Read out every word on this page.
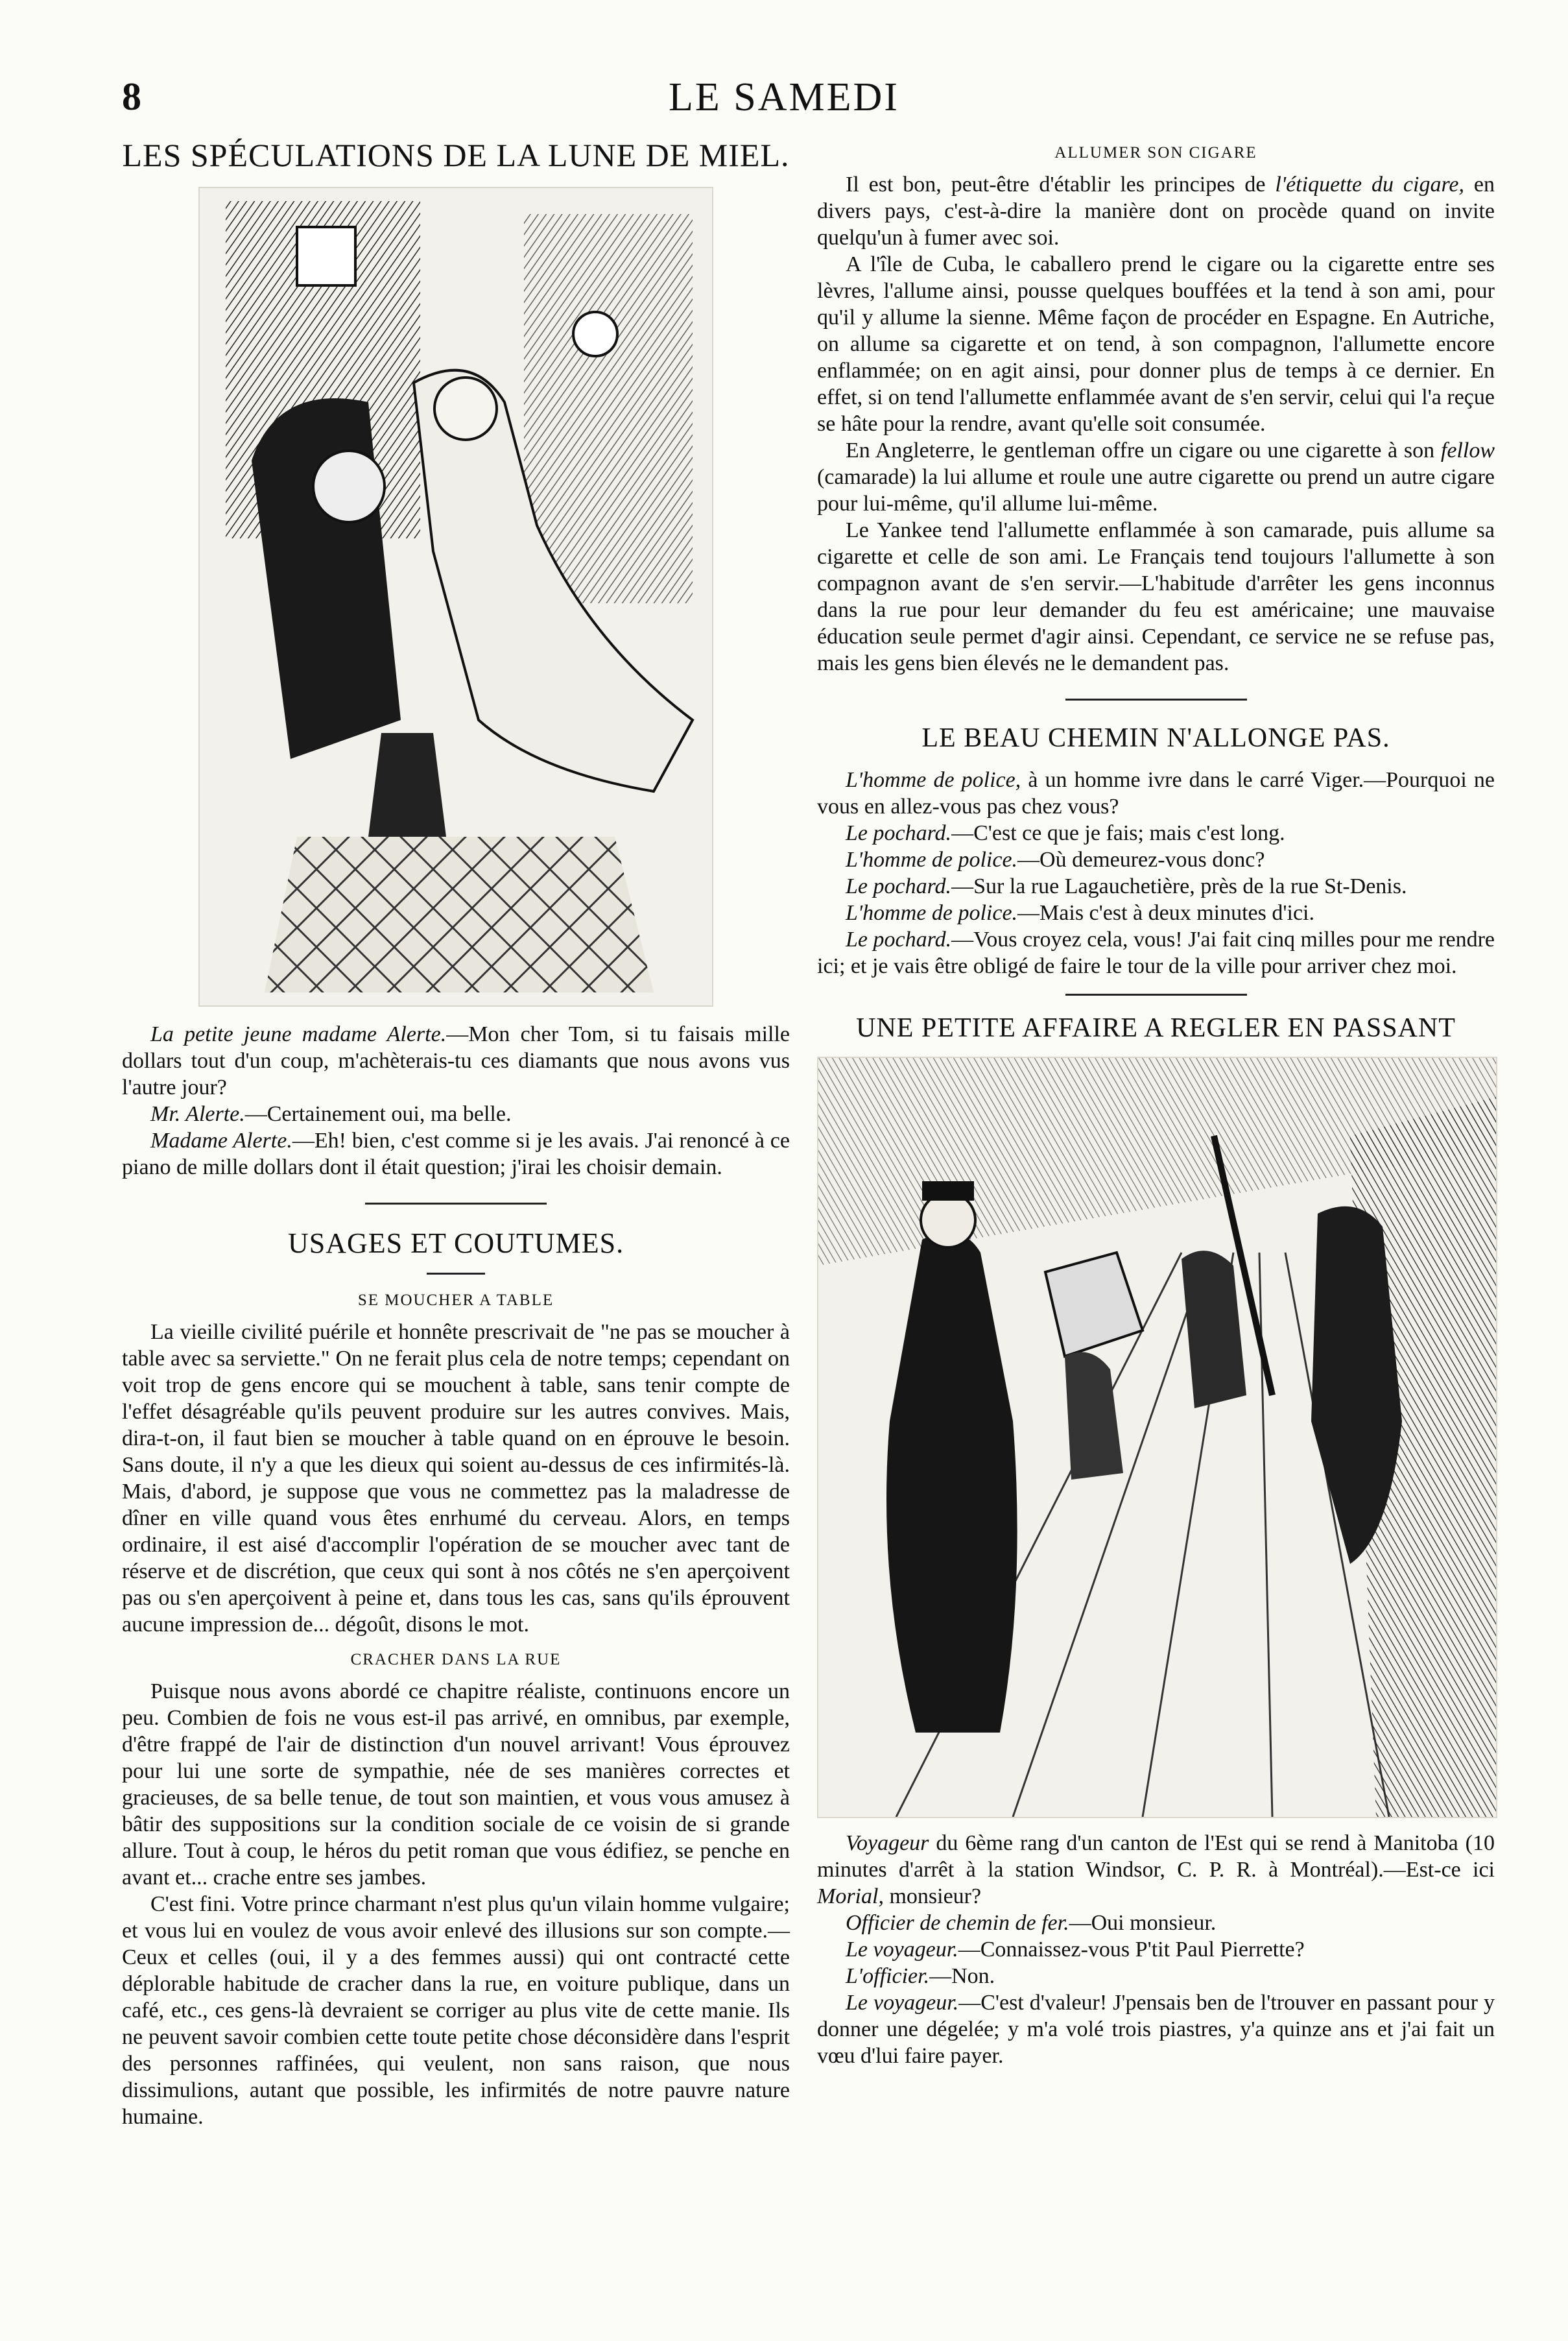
8	LE SAMEDI
LES SPÉCULATIONS DE LA LUNE DE MIEL.

La petite jeune madame Alerte.—Mon cher Tom, si tu faisais mille dollars tout d'un coup, m'achèterais-tu ces diamants que nous avons vus l'autre jour?

Mr. Alerte.—Certainement oui, ma belle.

Madame Alerte.—Eh! bien, c'est comme si je les avais. J'ai renoncé à ce piano de mille dollars dont il était question; j'irai les choisir demain.

USAGES ET COUTUMES.
SE MOUCHER A TABLE

La vieille civilité puérile et honnête prescrivait de "ne pas se moucher à table avec sa serviette." On ne ferait plus cela de notre temps; cependant on voit trop de gens encore qui se mouchent à table, sans tenir compte de l'effet désagréable qu'ils peuvent produire sur les autres convives. Mais, dira-t-on, il faut bien se moucher à table quand on en éprouve le besoin. Sans doute, il n'y a que les dieux qui soient au-dessus de ces infirmités-là. Mais, d'abord, je suppose que vous ne commettez pas la maladresse de dîner en ville quand vous êtes enrhumé du cerveau. Alors, en temps ordinaire, il est aisé d'accomplir l'opération de se moucher avec tant de réserve et de discrétion, que ceux qui sont à nos côtés ne s'en aperçoivent pas ou s'en aperçoivent à peine et, dans tous les cas, sans qu'ils éprouvent aucune impression de... dégoût, disons le mot.

CRACHER DANS LA RUE

Puisque nous avons abordé ce chapitre réaliste, continuons encore un peu. Combien de fois ne vous est-il pas arrivé, en omnibus, par exemple, d'être frappé de l'air de distinction d'un nouvel arrivant! Vous éprouvez pour lui une sorte de sympathie, née de ses manières correctes et gracieuses, de sa belle tenue, de tout son maintien, et vous vous amusez à bâtir des suppositions sur la condition sociale de ce voisin de si grande allure. Tout à coup, le héros du petit roman que vous édifiez, se penche en avant et... crache entre ses jambes.

C'est fini. Votre prince charmant n'est plus qu'un vilain homme vulgaire; et vous lui en voulez de vous avoir enlevé des illusions sur son compte.—Ceux et celles (oui, il y a des femmes aussi) qui ont contracté cette déplorable habitude de cracher dans la rue, en voiture publique, dans un café, etc., ces gens-là devraient se corriger au plus vite de cette manie. Ils ne peuvent savoir combien cette toute petite chose déconsidère dans l'esprit des personnes raffinées, qui veulent, non sans raison, que nous dissimulions, autant que possible, les infirmités de notre pauvre nature humaine.

ALLUMER SON CIGARE

Il est bon, peut-être d'établir les principes de l'étiquette du cigare, en divers pays, c'est-à-dire la manière dont on procède quand on invite quelqu'un à fumer avec soi.

A l'île de Cuba, le caballero prend le cigare ou la cigarette entre ses lèvres, l'allume ainsi, pousse quelques bouffées et la tend à son ami, pour qu'il y allume la sienne. Même façon de procéder en Espagne. En Autriche, on allume sa cigarette et on tend, à son compagnon, l'allumette encore enflammée; on en agit ainsi, pour donner plus de temps à ce dernier. En effet, si on tend l'allumette enflammée avant de s'en servir, celui qui l'a reçue se hâte pour la rendre, avant qu'elle soit consumée.

En Angleterre, le gentleman offre un cigare ou une cigarette à son fellow (camarade) la lui allume et roule une autre cigarette ou prend un autre cigare pour lui-même, qu'il allume lui-même.

Le Yankee tend l'allumette enflammée à son camarade, puis allume sa cigarette et celle de son ami. Le Français tend toujours l'allumette à son compagnon avant de s'en servir.—L'habitude d'arrêter les gens inconnus dans la rue pour leur demander du feu est américaine; une mauvaise éducation seule permet d'agir ainsi. Cependant, ce service ne se refuse pas, mais les gens bien élevés ne le demandent pas.

LE BEAU CHEMIN N'ALLONGE PAS.

L'homme de police, à un homme ivre dans le carré Viger.—Pourquoi ne vous en allez-vous pas chez vous?

Le pochard.—C'est ce que je fais; mais c'est long.

L'homme de police.—Où demeurez-vous donc?

Le pochard.—Sur la rue Lagauchetière, près de la rue St-Denis.

L'homme de police.—Mais c'est à deux minutes d'ici.

Le pochard.—Vous croyez cela, vous! J'ai fait cinq milles pour me rendre ici; et je vais être obligé de faire le tour de la ville pour arriver chez moi.

UNE PETITE AFFAIRE A REGLER EN PASSANT

Voyageur du 6ème rang d'un canton de l'Est qui se rend à Manitoba (10 minutes d'arrêt à la station Windsor, C. P. R. à Montréal).—Est-ce ici Morial, monsieur?

Officier de chemin de fer.—Oui monsieur.

Le voyageur.—Connaissez-vous P'tit Paul Pierrette?

L'officier.—Non.

Le voyageur.—C'est d'valeur! J'pensais ben de l'trouver en passant pour y donner une dégelée; y m'a volé trois piastres, y'a quinze ans et j'ai fait un vœu d'lui faire payer.
